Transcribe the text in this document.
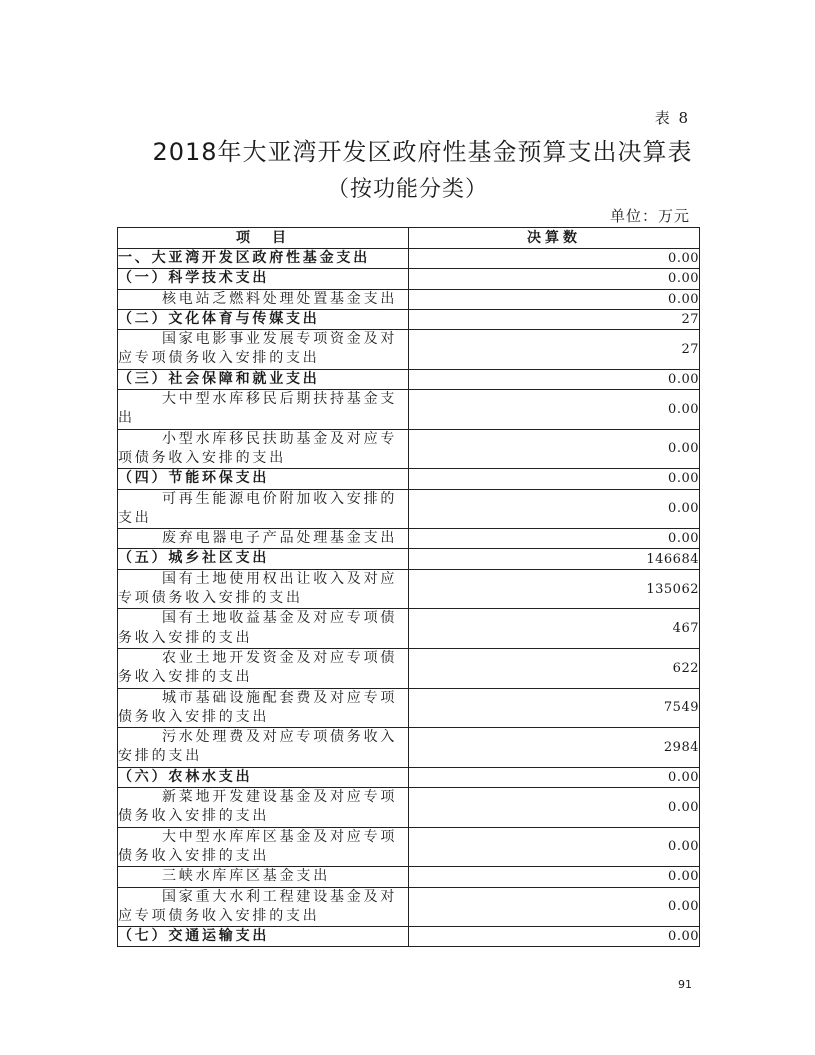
表 8
2018年大亚湾开发区政府性基金预算支出决算表
（按功能分类）
单位：万元
项　目	决算数
一、大亚湾开发区政府性基金支出	0.00
（一）科学技术支出	0.00
核电站乏燃料处理处置基金支出	0.00
（二）文化体育与传媒支出	27
国家电影事业发展专项资金及对应专项债务收入安排的支出	27
（三）社会保障和就业支出	0.00
大中型水库移民后期扶持基金支出	0.00
小型水库移民扶助基金及对应专项债务收入安排的支出	0.00
（四）节能环保支出	0.00
可再生能源电价附加收入安排的支出	0.00
废弃电器电子产品处理基金支出	0.00
（五）城乡社区支出	146684
国有土地使用权出让收入及对应专项债务收入安排的支出	135062
国有土地收益基金及对应专项债务收入安排的支出	467
农业土地开发资金及对应专项债务收入安排的支出	622
城市基础设施配套费及对应专项债务收入安排的支出	7549
污水处理费及对应专项债务收入安排的支出	2984
（六）农林水支出	0.00
新菜地开发建设基金及对应专项债务收入安排的支出	0.00
大中型水库库区基金及对应专项债务收入安排的支出	0.00
三峡水库库区基金支出	0.00
国家重大水利工程建设基金及对应专项债务收入安排的支出	0.00
（七）交通运输支出	0.00
91
